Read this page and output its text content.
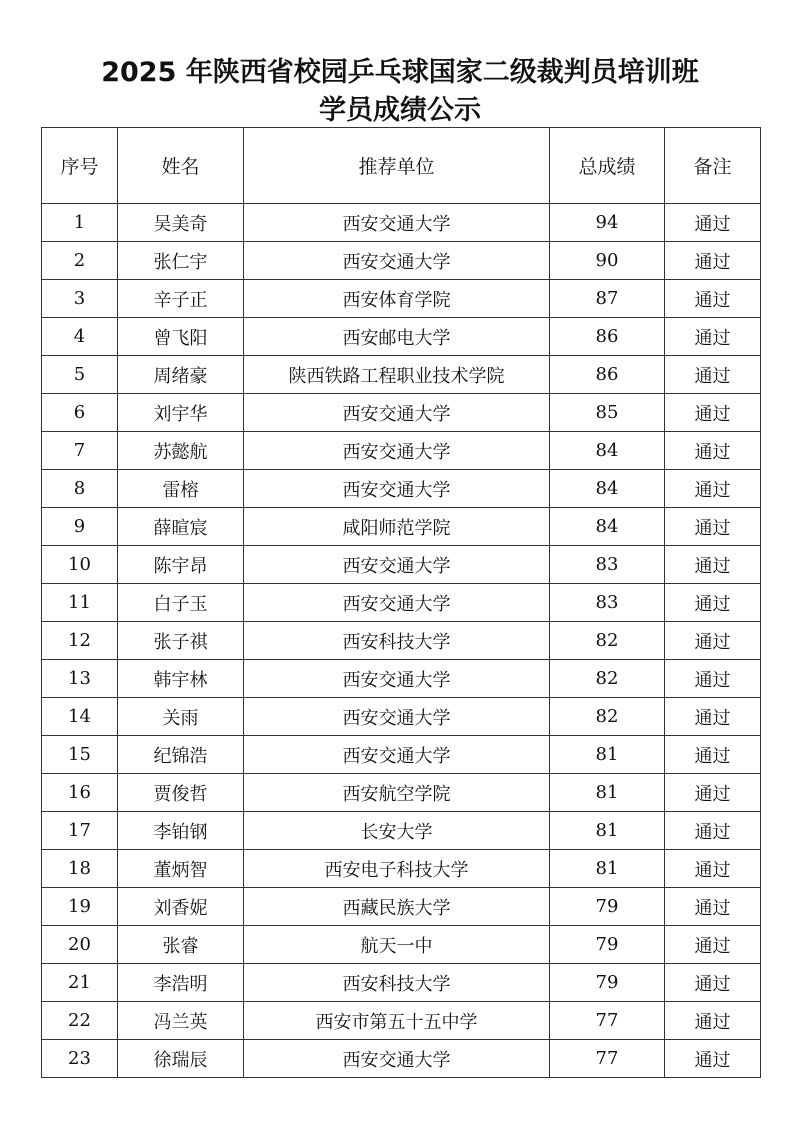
2025 年陕西省校园乒乓球国家二级裁判员培训班
学员成绩公示
序号	姓名	推荐单位	总成绩	备注
1	吴美奇	西安交通大学	94	通过
2	张仁宇	西安交通大学	90	通过
3	辛子正	西安体育学院	87	通过
4	曾飞阳	西安邮电大学	86	通过
5	周绪豪	陕西铁路工程职业技术学院	86	通过
6	刘宇华	西安交通大学	85	通过
7	苏懿航	西安交通大学	84	通过
8	雷榕	西安交通大学	84	通过
9	薛暄宸	咸阳师范学院	84	通过
10	陈宇昂	西安交通大学	83	通过
11	白子玉	西安交通大学	83	通过
12	张子祺	西安科技大学	82	通过
13	韩宇林	西安交通大学	82	通过
14	关雨	西安交通大学	82	通过
15	纪锦浩	西安交通大学	81	通过
16	贾俊哲	西安航空学院	81	通过
17	李铂钢	长安大学	81	通过
18	董炳智	西安电子科技大学	81	通过
19	刘香妮	西藏民族大学	79	通过
20	张睿	航天一中	79	通过
21	李浩明	西安科技大学	79	通过
22	冯兰英	西安市第五十五中学	77	通过
23	徐瑞辰	西安交通大学	77	通过
